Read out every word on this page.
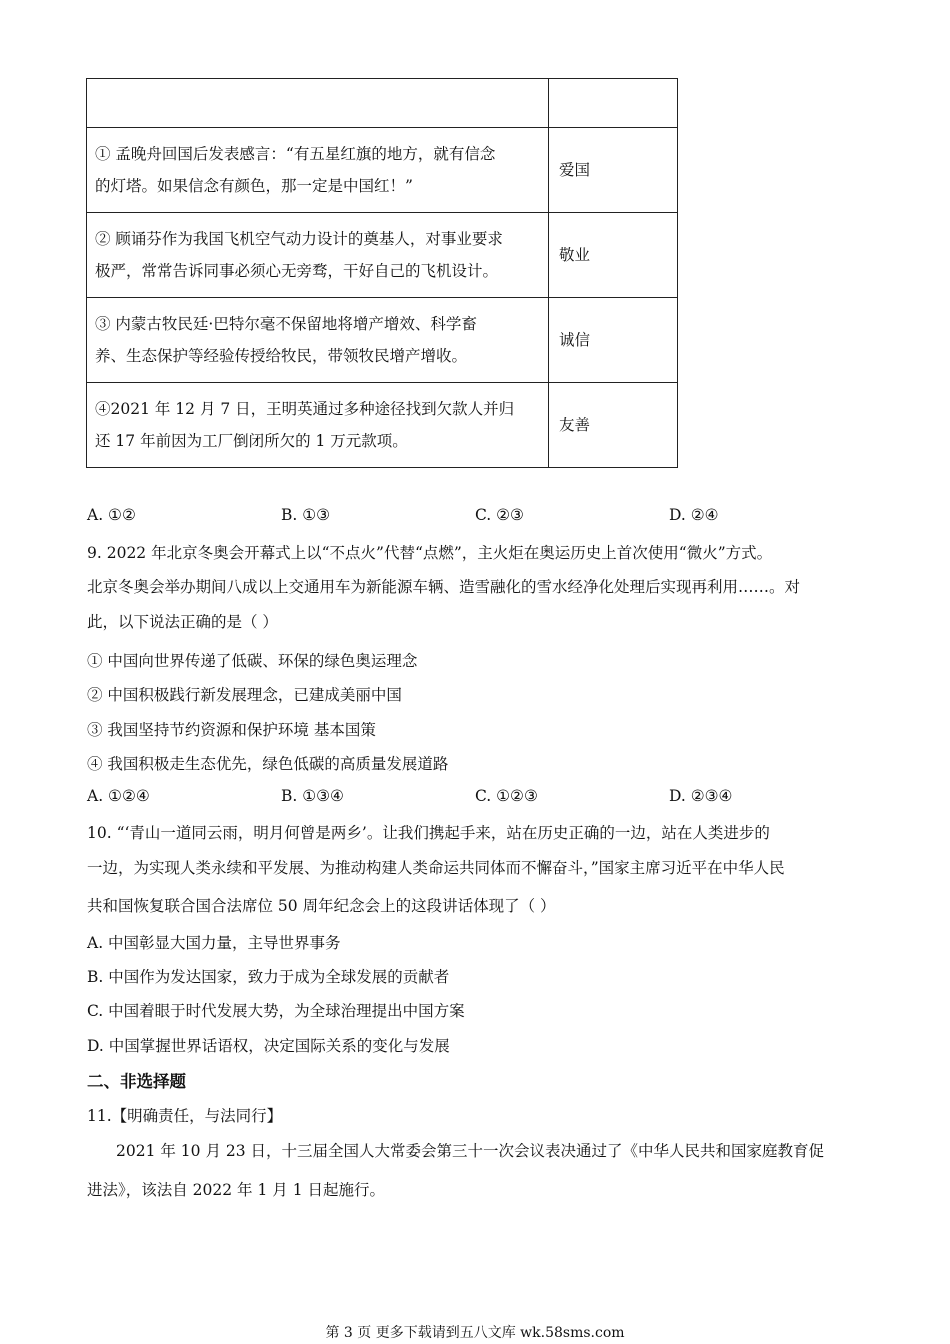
① 孟晚舟回国后发表感言：“有五星红旗的地方，就有信念
的灯塔。如果信念有颜色，那一定是中国红！”	爱国

② 顾诵芬作为我国飞机空气动力设计的奠基人，对事业要求
极严，常常告诉同事必须心无旁骛，干好自己的飞机设计。	敬业

③ 内蒙古牧民廷·巴特尔毫不保留地将增产增效、科学畜
养、生态保护等经验传授给牧民，带领牧民增产增收。	诚信

④2021 年 12 月 7 日，王明英通过多种途径找到欠款人并归
还 17 年前因为工厂倒闭所欠的 1 万元款项。	友善
A. ①②	B. ①③	C. ②③	D. ②④
9. 2022 年北京冬奥会开幕式上以“不点火”代替“点燃”，主火炬在奥运历史上首次使用“微火”方式。
北京冬奥会举办期间八成以上交通用车为新能源车辆、造雪融化的雪水经净化处理后实现再利用……。对
此，以下说法正确的是（ ）
① 中国向世界传递了低碳、环保的绿色奥运理念
② 中国积极践行新发展理念，已建成美丽中国
③ 我国坚持节约资源和保护环境 基本国策
④ 我国积极走生态优先，绿色低碳的高质量发展道路
A. ①②④	B. ①③④	C. ①②③	D. ②③④
10. “‘青山一道同云雨，明月何曾是两乡’。让我们携起手来，站在历史正确的一边，站在人类进步的
一边，为实现人类永续和平发展、为推动构建人类命运共同体而不懈奋斗，”国家主席习近平在中华人民
共和国恢复联合国合法席位 50 周年纪念会上的这段讲话体现了（ ）
A. 中国彰显大国力量，主导世界事务
B. 中国作为发达国家，致力于成为全球发展的贡献者
C. 中国着眼于时代发展大势，为全球治理提出中国方案
D. 中国掌握世界话语权，决定国际关系的变化与发展
二、非选择题
11.【明确责任，与法同行】
2021 年 10 月 23 日，十三届全国人大常委会第三十一次会议表决通过了《中华人民共和国家庭教育促
进法》，该法自 2022 年 1 月 1 日起施行。
第 3 页 更多下载请到五八文库 wk.58sms.com
